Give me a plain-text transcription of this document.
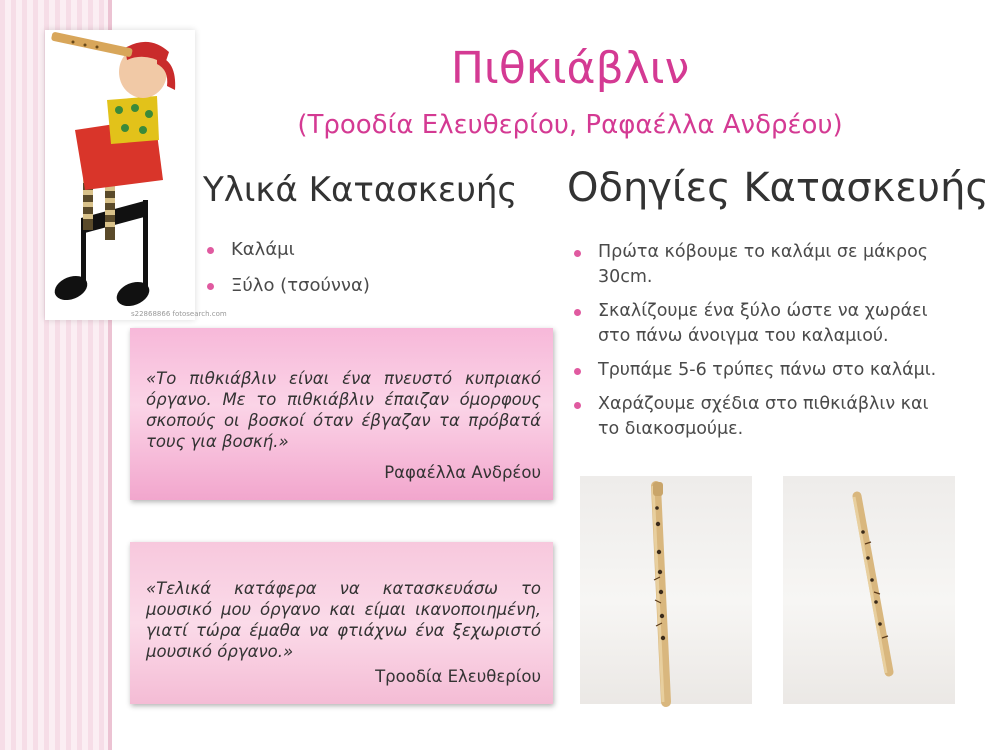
s22868866 fotosearch.com
Πιθκιάβλιν
(Τροοδία Ελευθερίου, Ραφαέλλα Ανδρέου)
Υλικά Κατασκευής
Καλάμι
Ξύλο (τσούννα)
Οδηγίες Κατασκευής
Πρώτα κόβουμε το καλάμι σε μάκρος 30cm.
Σκαλίζουμε ένα ξύλο ώστε να χωράει στο πάνω άνοιγμα του καλαμιού.
Τρυπάμε 5-6 τρύπες πάνω στο καλάμι.
Χαράζουμε σχέδια στο πιθκιάβλιν και το διακοσμούμε.
«Το πιθκιάβλιν είναι ένα πνευστό κυπριακό όργανο. Με το πιθκιάβλιν έπαιζαν όμορφους σκοπούς οι βοσκοί όταν έβγαζαν τα πρόβατά τους για βοσκή.»
Ραφαέλλα Ανδρέου
«Τελικά κατάφερα να κατασκευάσω το μουσικό μου όργανο και είμαι ικανοποιημένη, γιατί τώρα έμαθα να φτιάχνω ένα ξεχωριστό μουσικό όργανο.»
Τροοδία Ελευθερίου
